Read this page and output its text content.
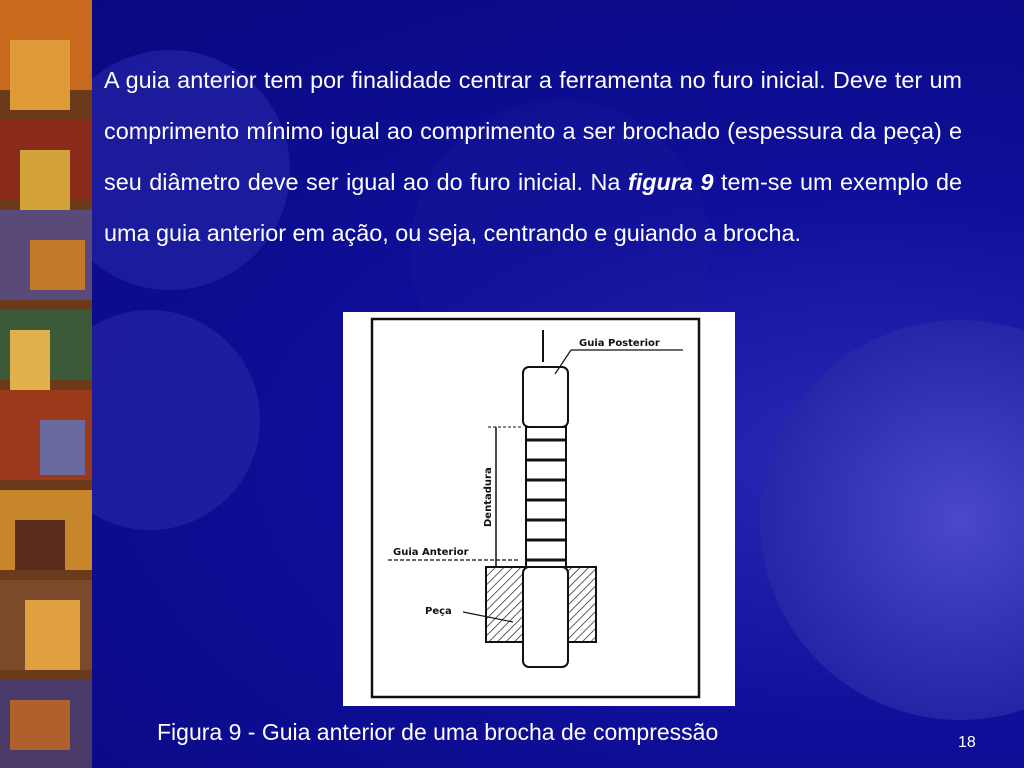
A guia anterior tem por finalidade centrar a ferramenta no furo inicial. Deve ter um comprimento mínimo igual ao comprimento a ser brochado (espessura da peça) e seu diâmetro deve ser igual ao do furo inicial. Na figura 9 tem-se um exemplo de uma guia anterior em ação, ou seja, centrando e guiando a brocha.

Guia Posterior
Dentadura
Guia Anterior
Peça
Figura 9 - Guia anterior de uma brocha de compressão	18
